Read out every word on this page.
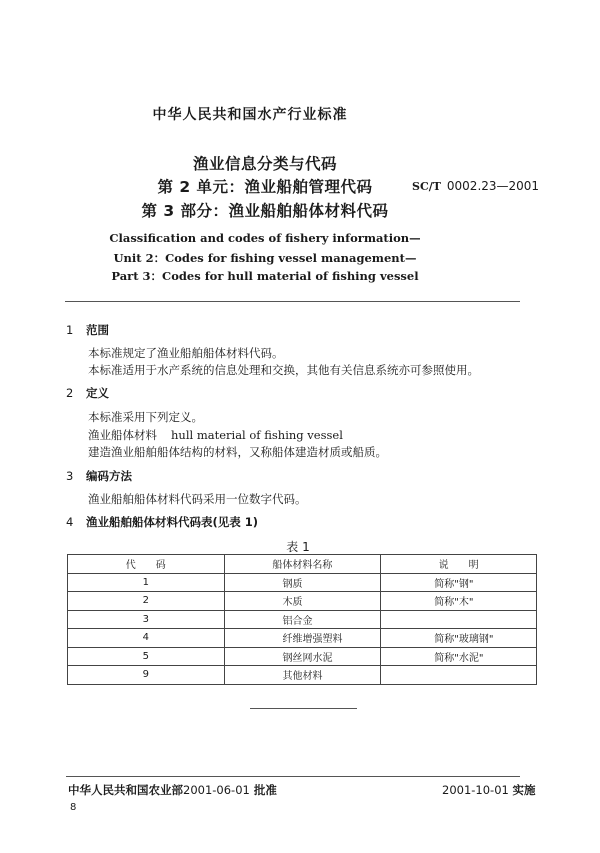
中华人民共和国水产行业标准
渔业信息分类与代码
第 2 单元：渔业船舶管理代码
第 3 部分：渔业船舶船体材料代码
SC/T 0002.23—2001
Classification and codes of fishery information—
Unit 2：Codes for fishing vessel management—
Part 3：Codes for hull material of fishing vessel
1 范围
本标准规定了渔业船舶船体材料代码。
本标准适用于水产系统的信息处理和交换，其他有关信息系统亦可参照使用。
2 定义
本标准采用下列定义。
渔业船体材料 hull material of fishing vessel
建造渔业船舶船体结构的材料，又称船体建造材质或船质。
3 编码方法
渔业船舶船体材料代码采用一位数字代码。
4 渔业船舶船体材料代码表(见表 1)
表 1
代　　码	船体材料名称	说　　明
1	钢质	简称"钢"
2	木质	简称"木"
3	铝合金	
4	纤维增强塑料	简称"玻璃钢"
5	钢丝网水泥	简称"水泥"
9	其他材料	
中华人民共和国农业部2001-06-01 批准	2001-10-01 实施
8
